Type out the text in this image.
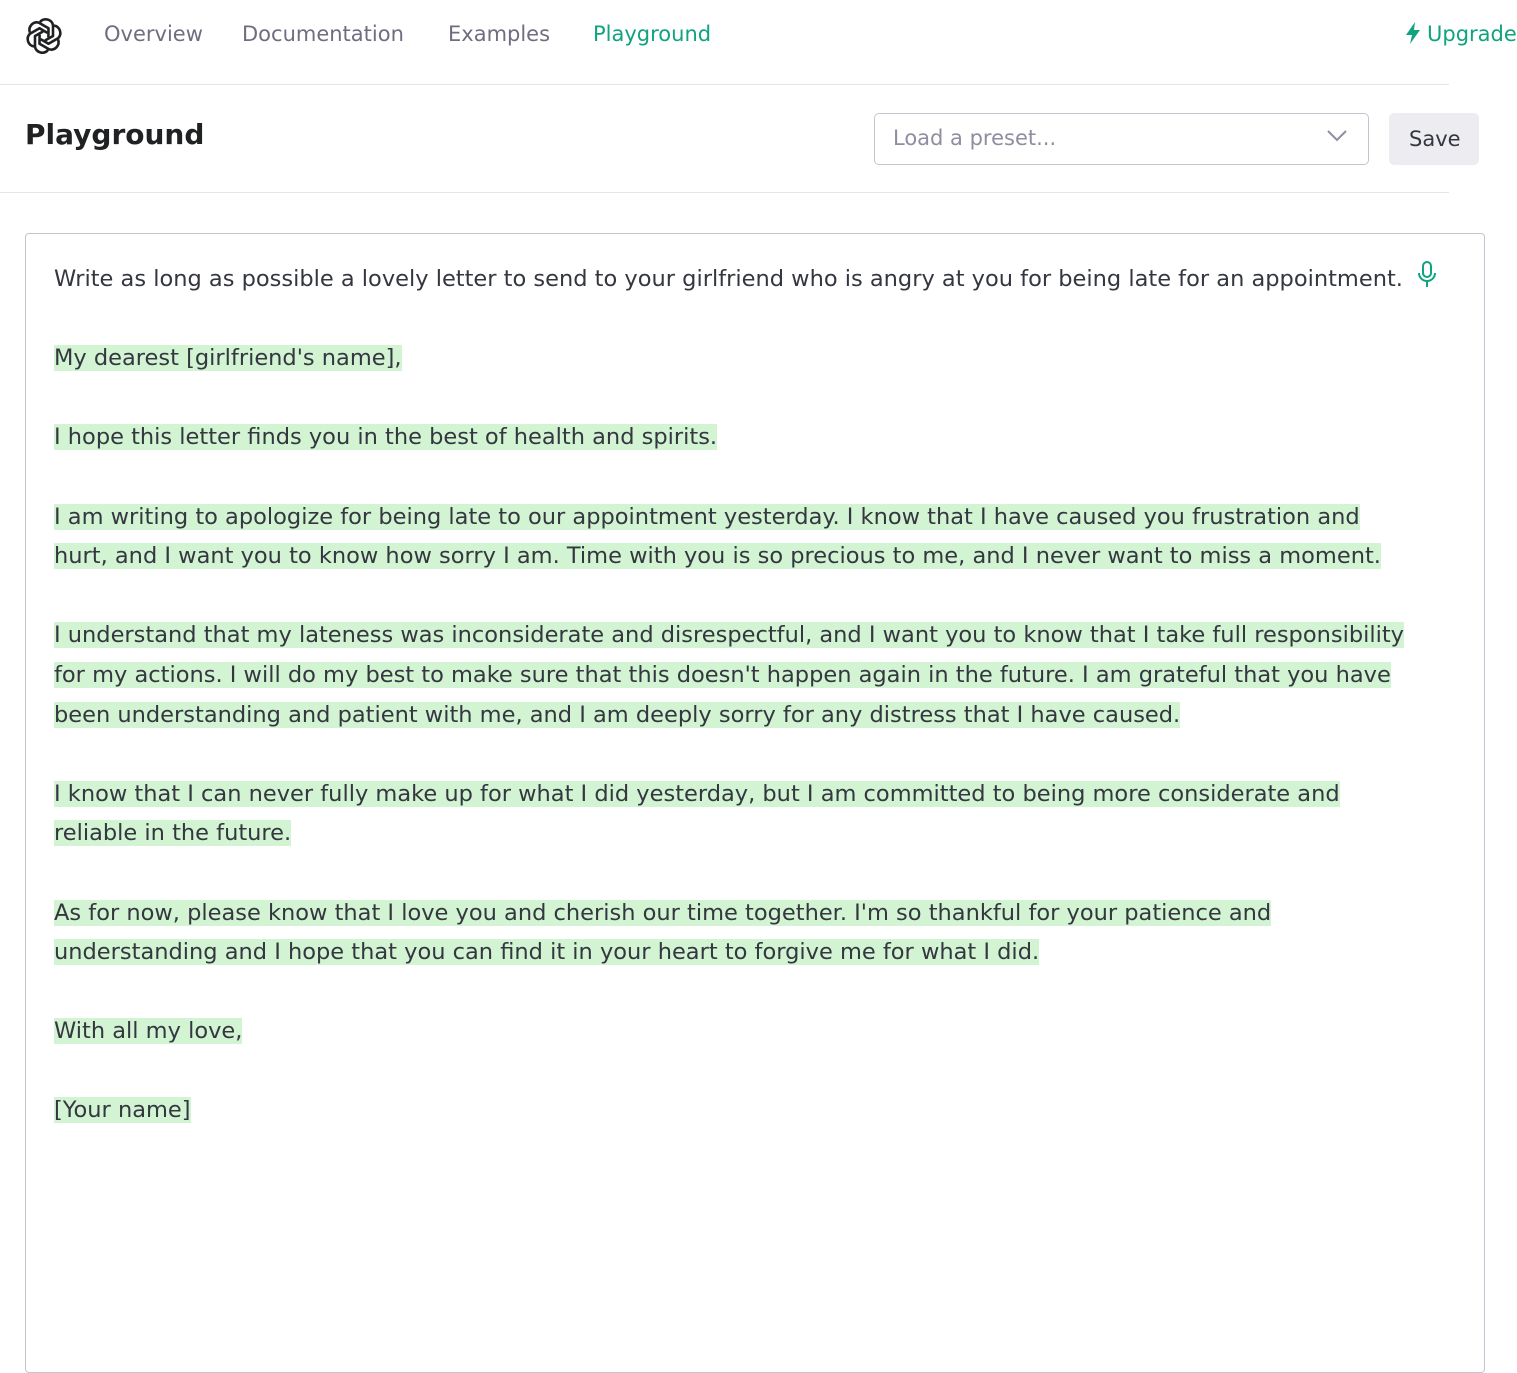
Overview Documentation Examples Playground	Upgrade
Playground	Load a preset...	Save

Write as long as possible a lovely letter to send to your girlfriend who is angry at you for being late for an appointment.

My dearest [girlfriend's name],

I hope this letter finds you in the best of health and spirits.

I am writing to apologize for being late to our appointment yesterday. I know that I have caused you frustration and hurt, and I want you to know how sorry I am. Time with you is so precious to me, and I never want to miss a moment.

I understand that my lateness was inconsiderate and disrespectful, and I want you to know that I take full responsibility for my actions. I will do my best to make sure that this doesn't happen again in the future. I am grateful that you have been understanding and patient with me, and I am deeply sorry for any distress that I have caused.

I know that I can never fully make up for what I did yesterday, but I am committed to being more considerate and reliable in the future.

As for now, please know that I love you and cherish our time together. I'm so thankful for your patience and understanding and I hope that you can find it in your heart to forgive me for what I did.

With all my love,

[Your name]
